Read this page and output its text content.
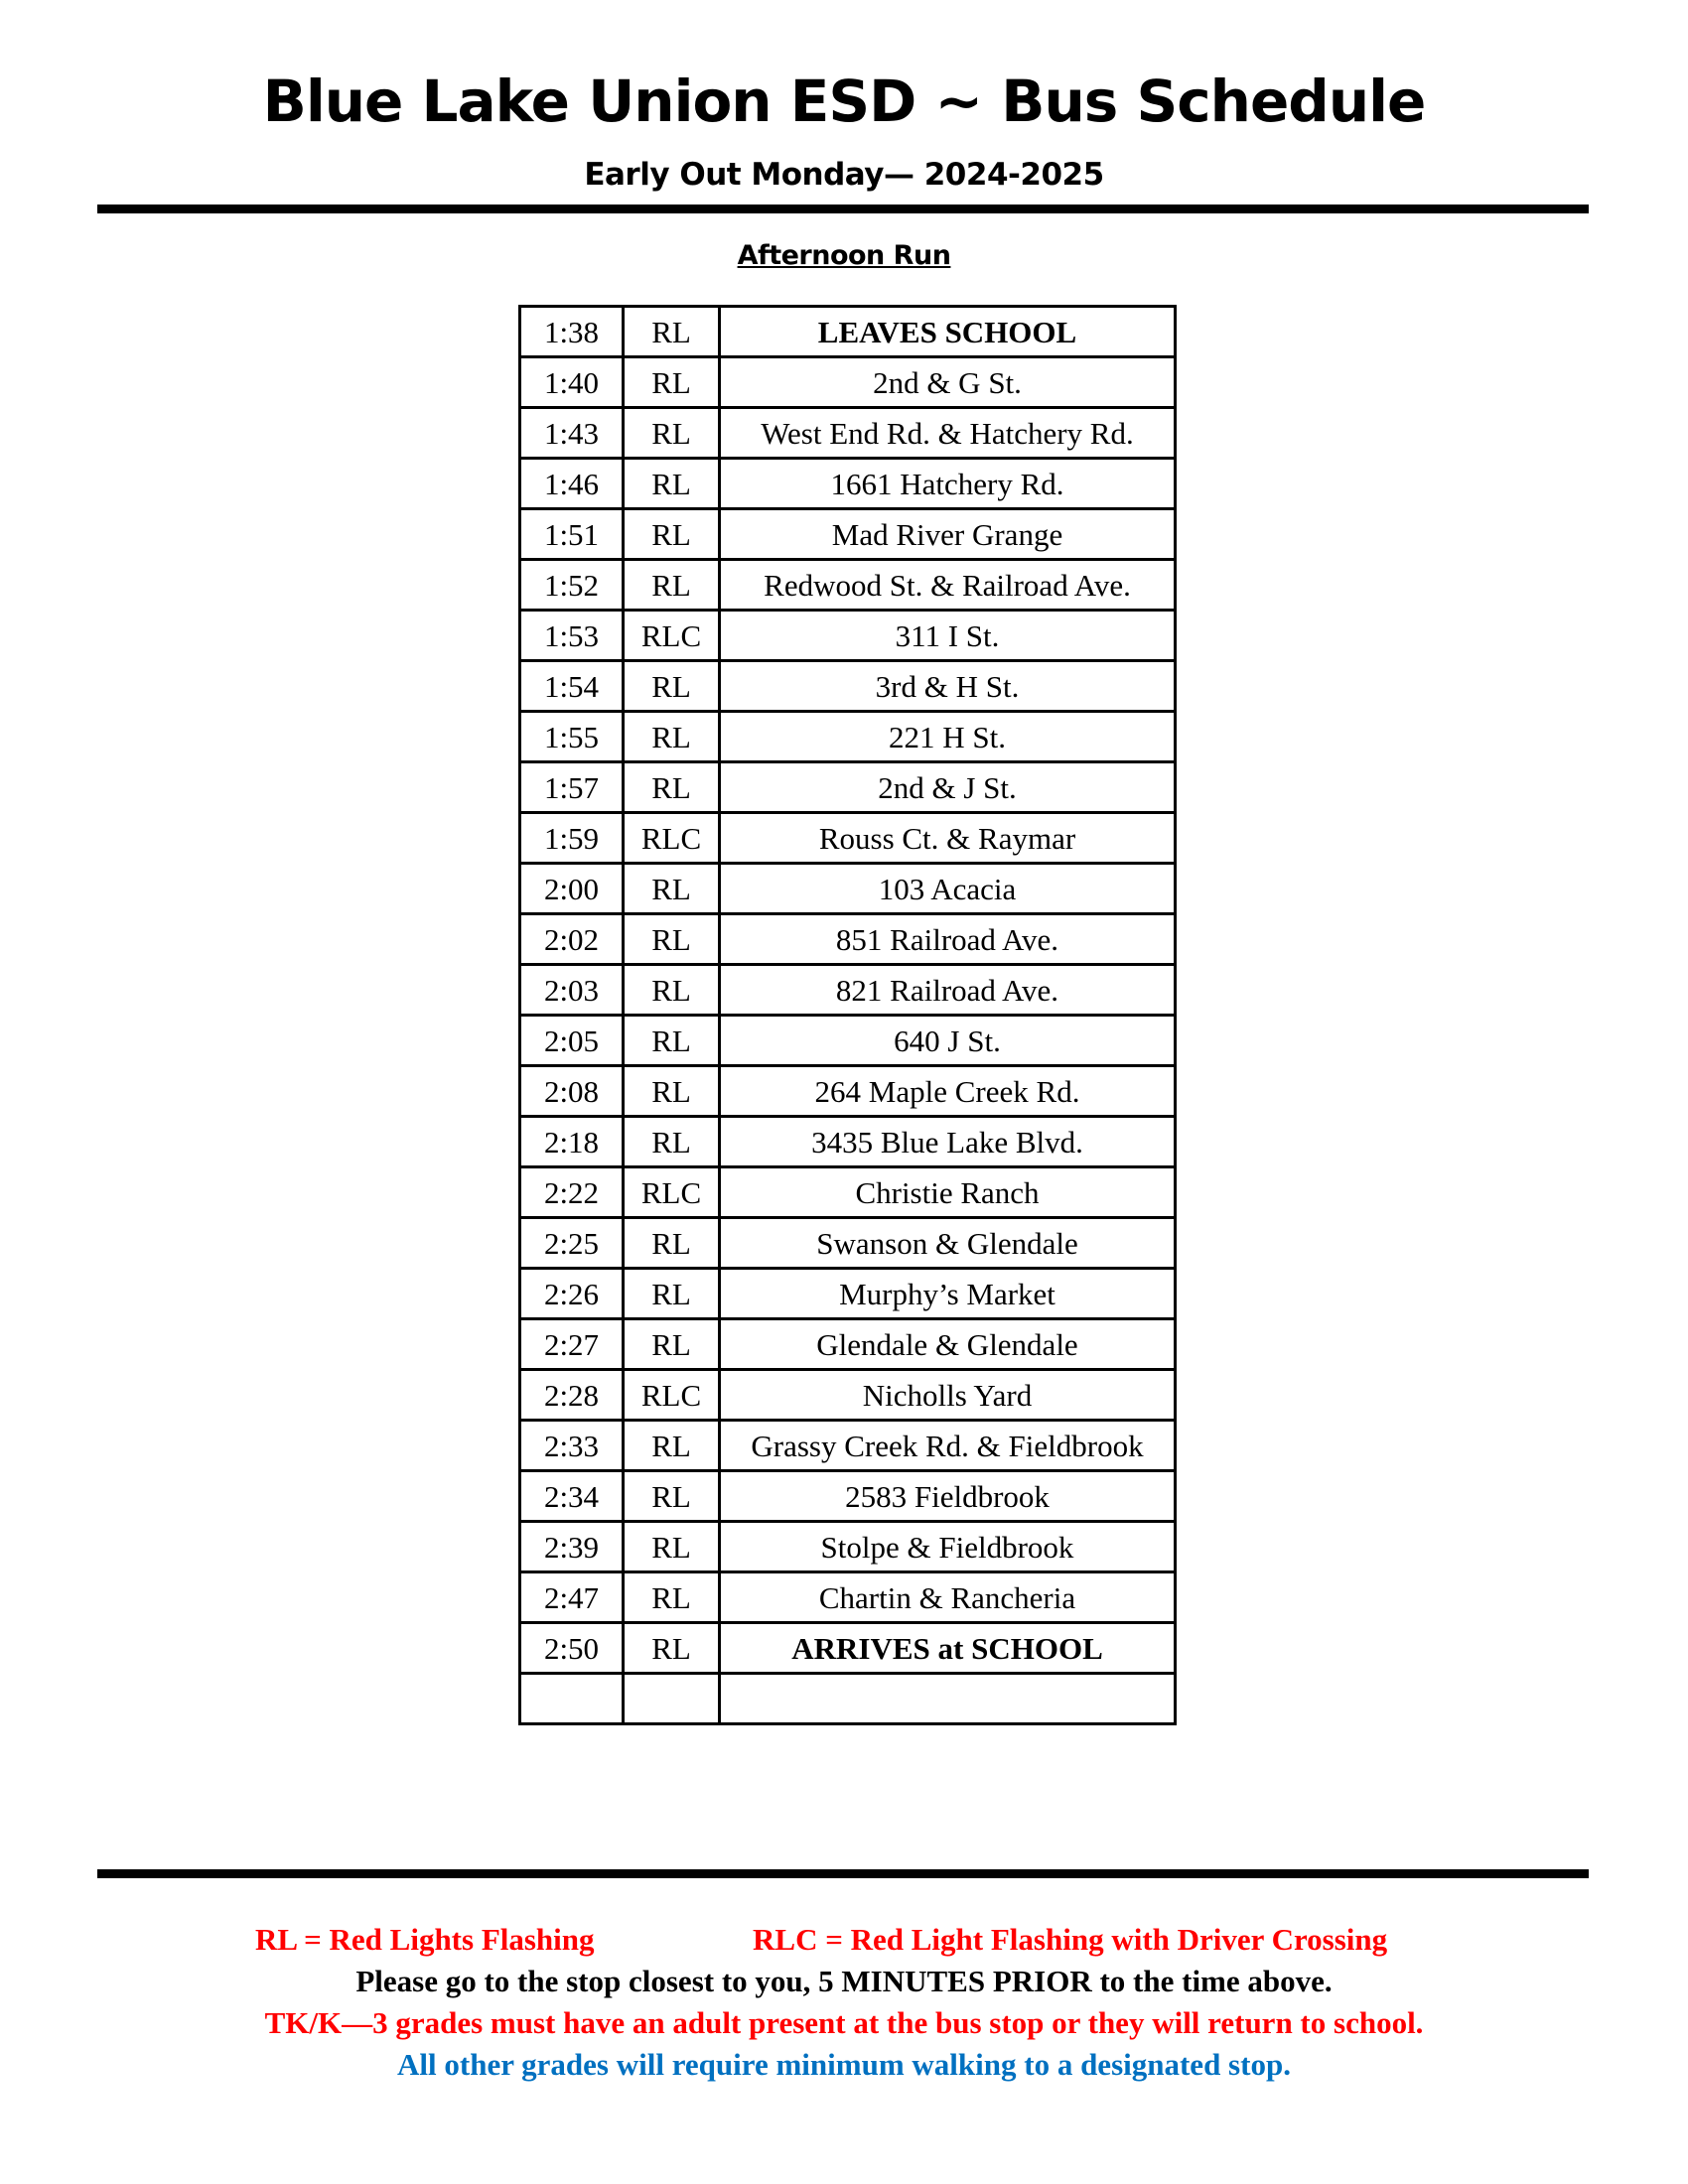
Blue Lake Union ESD ~ Bus Schedule
Early Out Monday— 2024-2025
Afternoon Run
1:38	RL	LEAVES SCHOOL
1:40	RL	2nd & G St.
1:43	RL	West End Rd. & Hatchery Rd.
1:46	RL	1661 Hatchery Rd.
1:51	RL	Mad River Grange
1:52	RL	Redwood St. & Railroad Ave.
1:53	RLC	311 I St.
1:54	RL	3rd & H St.
1:55	RL	221 H St.
1:57	RL	2nd & J St.
1:59	RLC	Rouss Ct. & Raymar
2:00	RL	103 Acacia
2:02	RL	851 Railroad Ave.
2:03	RL	821 Railroad Ave.
2:05	RL	640 J St.
2:08	RL	264 Maple Creek Rd.
2:18	RL	3435 Blue Lake Blvd.
2:22	RLC	Christie Ranch
2:25	RL	Swanson & Glendale
2:26	RL	Murphy’s Market
2:27	RL	Glendale & Glendale
2:28	RLC	Nicholls Yard
2:33	RL	Grassy Creek Rd. & Fieldbrook
2:34	RL	2583 Fieldbrook
2:39	RL	Stolpe & Fieldbrook
2:47	RL	Chartin & Rancheria
2:50	RL	ARRIVES at SCHOOL

RL = Red Lights Flashing	RLC = Red Light Flashing with Driver Crossing
Please go to the stop closest to you, 5 MINUTES PRIOR to the time above.
TK/K—3 grades must have an adult present at the bus stop or they will return to school.
All other grades will require minimum walking to a designated stop.
